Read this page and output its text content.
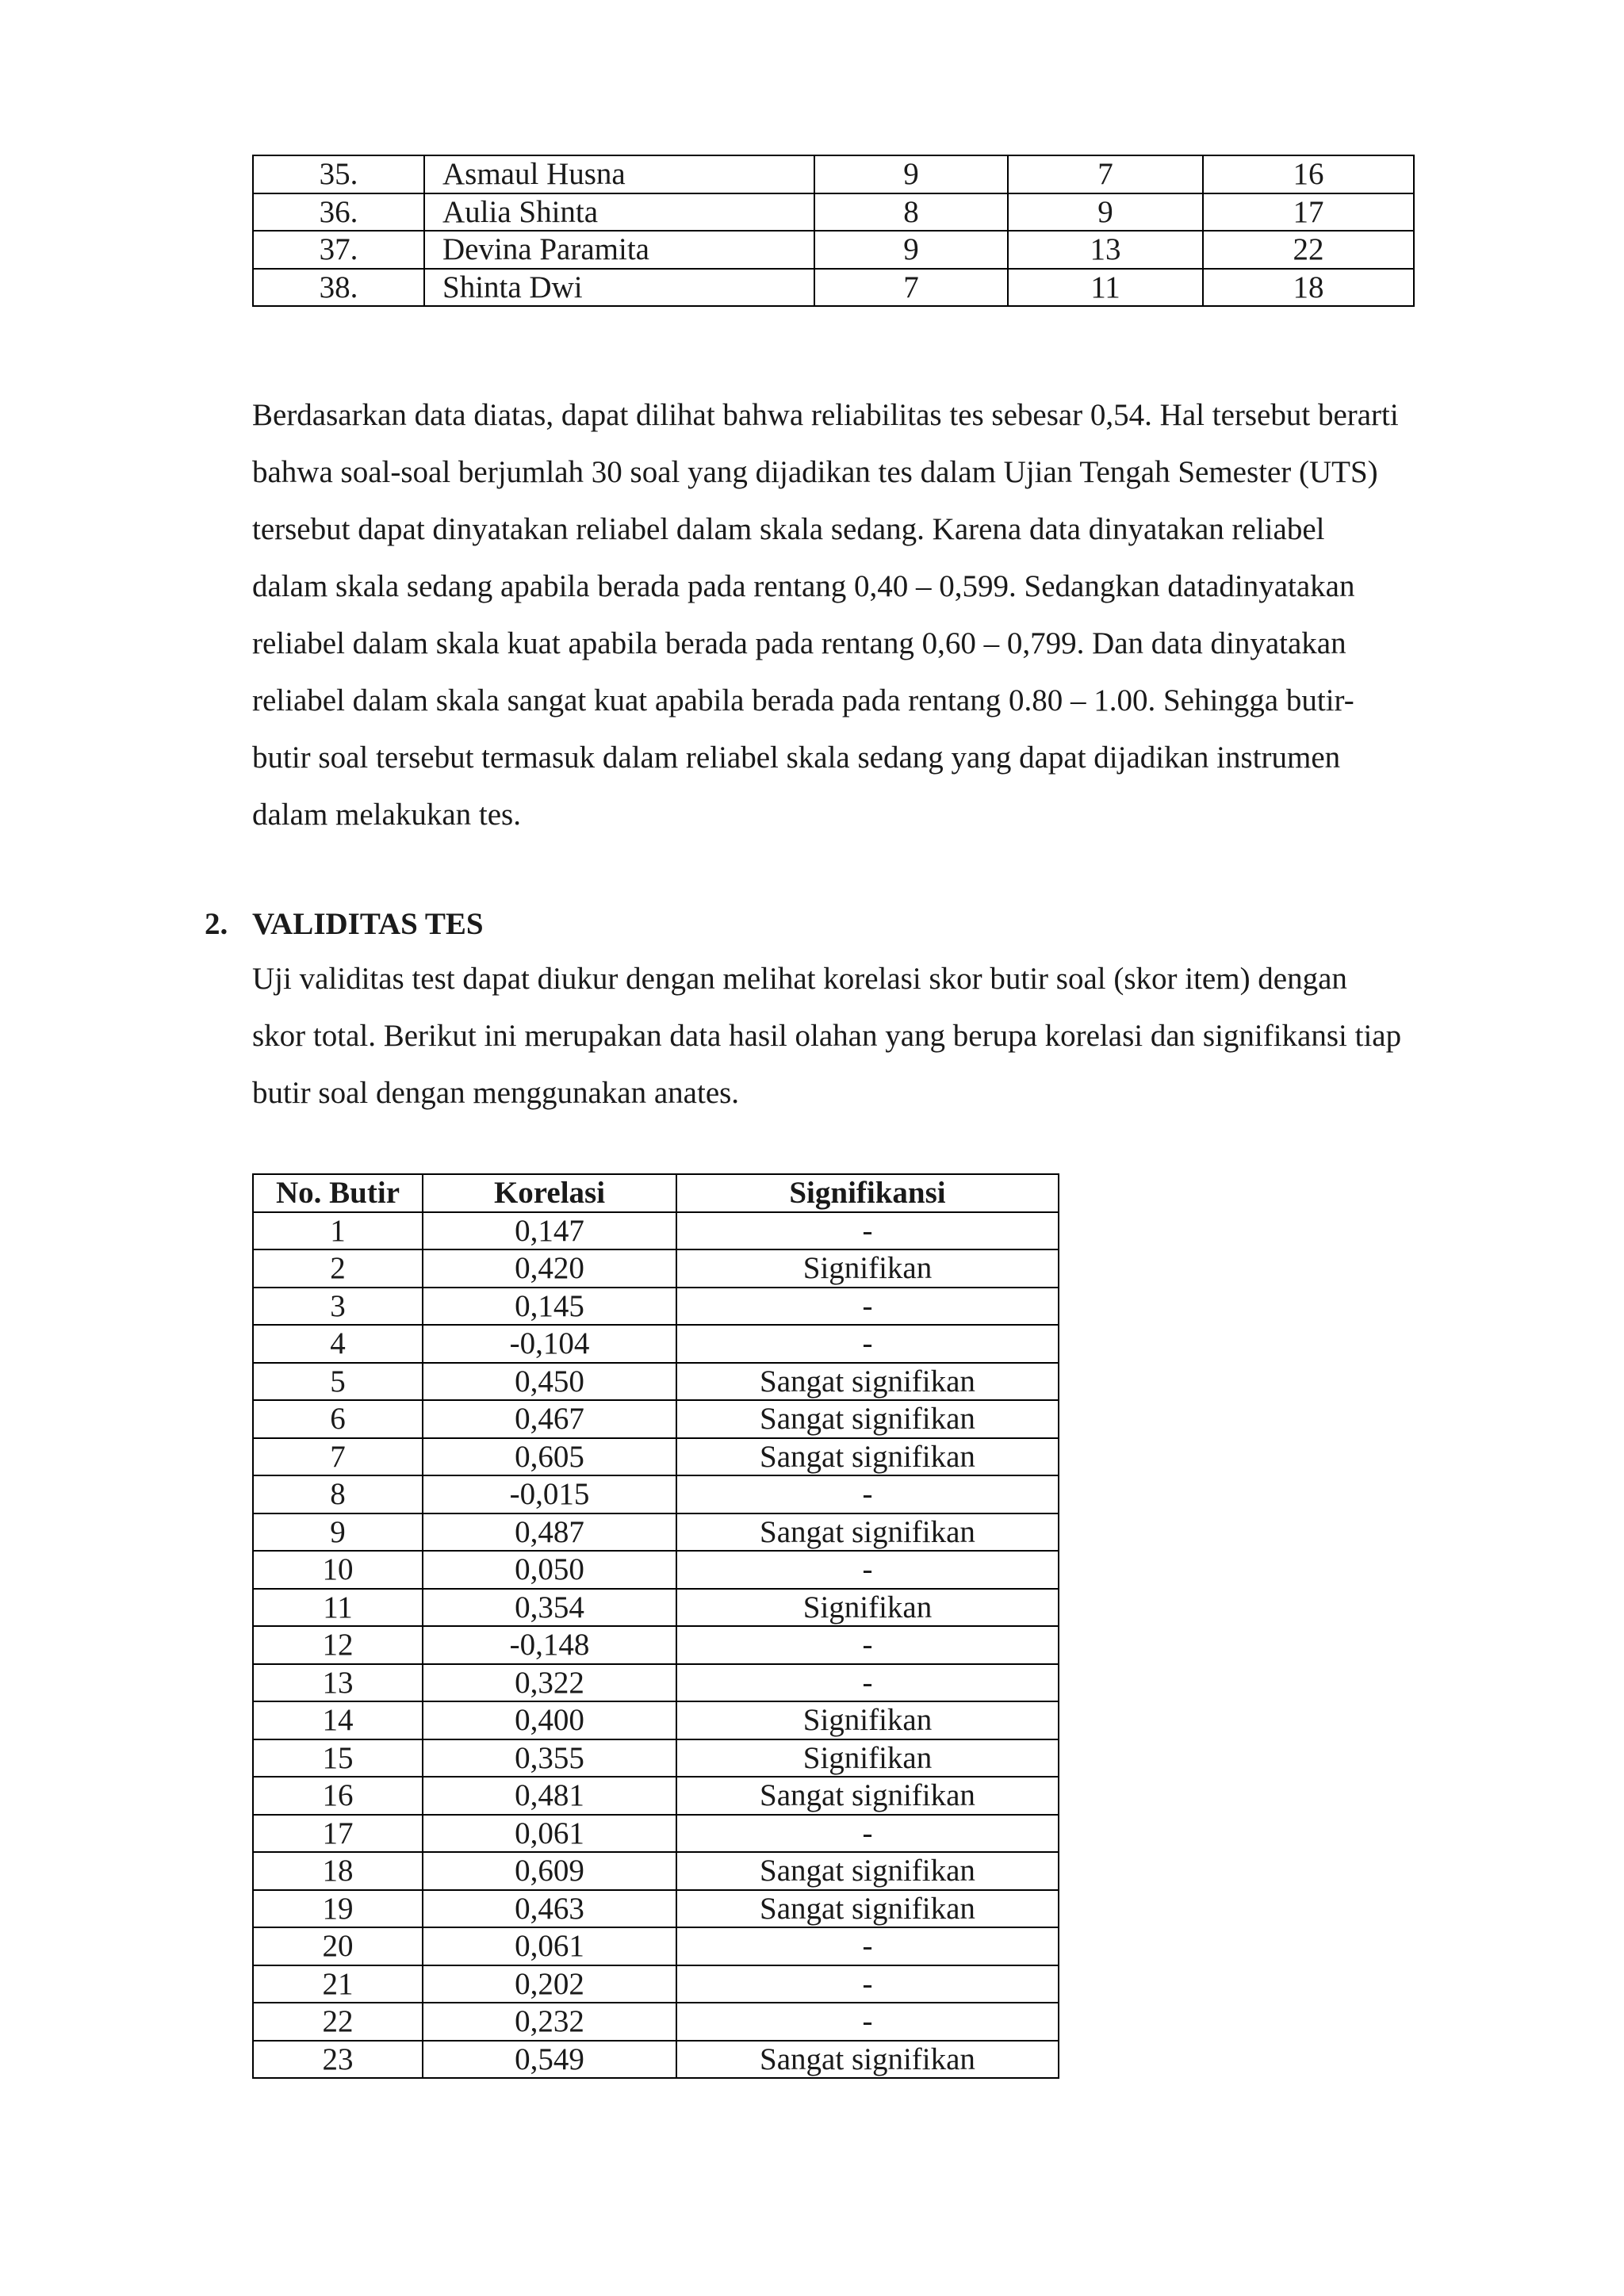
35.	Asmaul Husna	9	7	16
36.	Aulia Shinta	8	9	17
37.	Devina Paramita	9	13	22
38.	Shinta Dwi	7	11	18

Berdasarkan data diatas, dapat dilihat bahwa reliabilitas tes sebesar 0,54. Hal tersebut berarti
bahwa soal-soal berjumlah 30 soal yang dijadikan tes dalam Ujian Tengah Semester (UTS)
tersebut dapat dinyatakan reliabel dalam skala sedang. Karena data dinyatakan reliabel
dalam skala sedang apabila berada pada rentang 0,40 – 0,599. Sedangkan datadinyatakan
reliabel dalam skala kuat apabila berada pada rentang 0,60 – 0,799. Dan data dinyatakan
reliabel dalam skala sangat kuat apabila berada pada rentang 0.80 – 1.00. Sehingga butir-
butir soal tersebut termasuk dalam reliabel skala sedang yang dapat dijadikan instrumen
dalam melakukan tes.

2. VALIDITAS TES

Uji validitas test dapat diukur dengan melihat korelasi skor butir soal (skor item) dengan
skor total. Berikut ini merupakan data hasil olahan yang berupa korelasi dan signifikansi tiap
butir soal dengan menggunakan anates.

No. Butir	Korelasi	Signifikansi
1	0,147	-
2	0,420	Signifikan
3	0,145	-
4	-0,104	-
5	0,450	Sangat signifikan
6	0,467	Sangat signifikan
7	0,605	Sangat signifikan
8	-0,015	-
9	0,487	Sangat signifikan
10	0,050	-
11	0,354	Signifikan
12	-0,148	-
13	0,322	-
14	0,400	Signifikan
15	0,355	Signifikan
16	0,481	Sangat signifikan
17	0,061	-
18	0,609	Sangat signifikan
19	0,463	Sangat signifikan
20	0,061	-
21	0,202	-
22	0,232	-
23	0,549	Sangat signifikan
